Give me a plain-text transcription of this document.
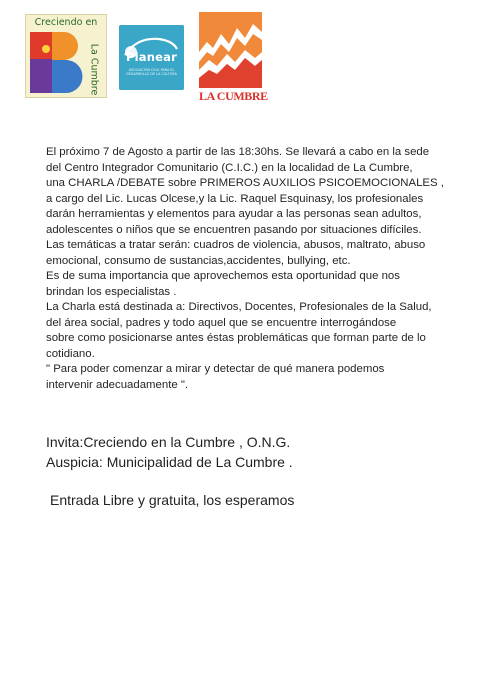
Creciendo en
La Cumbre	Planear
ASOCIACIÓN CIVIL PARA EL DESARROLLO DE LA CULTURA
LA CUMBRE
El próximo 7 de Agosto a partir de las 18:30hs. Se llevará a cabo en la sede
del Centro Integrador Comunitario (C.I.C.) en la localidad de La Cumbre,
una CHARLA /DEBATE sobre PRIMEROS AUXILIOS PSICOEMOCIONALES ,
a cargo del Lic. Lucas Olcese,y la Lic. Raquel Esquinasy, los profesionales
darán herramientas y elementos para ayudar a las personas sean adultos,
adolescentes o niños que se encuentren pasando por situaciones difíciles.
Las temáticas a tratar serán: cuadros de violencia, abusos, maltrato, abuso
emocional, consumo de sustancias,accidentes, bullying, etc.
Es de suma importancia que aprovechemos esta oportunidad que nos
brindan los especialistas .
La Charla está destinada a: Directivos, Docentes, Profesionales de la Salud,
del área social, padres y todo aquel que se encuentre interrogándose
sobre como posicionarse antes éstas problemáticas que forman parte de lo
cotidiano.
" Para poder comenzar a mirar y detectar de qué manera podemos
intervenir adecuadamente ".
Invita:Creciendo en la Cumbre , O.N.G.
Auspicia: Municipalidad de La Cumbre .
Entrada Libre y gratuita, los esperamos
